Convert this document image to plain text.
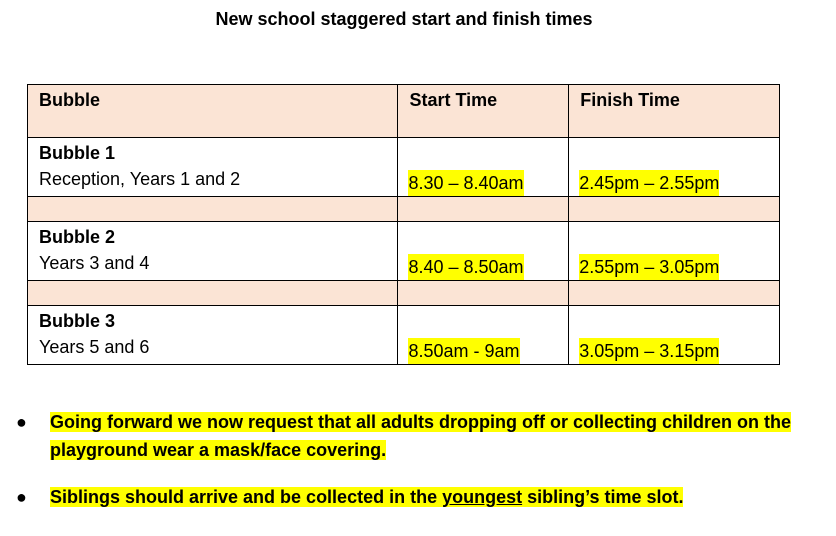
New school staggered start and finish times
Bubble	Start Time	Finish Time

Bubble 1
Reception, Years 1 and 2	8.30 – 8.40am	2.45pm – 2.55pm

Bubble 2
Years 3 and 4	8.40 – 8.50am	2.55pm – 3.05pm

Bubble 3
Years 5 and 6	8.50am - 9am	3.05pm – 3.15pm
● Going forward we now request that all adults dropping off or collecting children on the playground wear a mask/face covering.
● Siblings should arrive and be collected in the youngest sibling’s time slot.
